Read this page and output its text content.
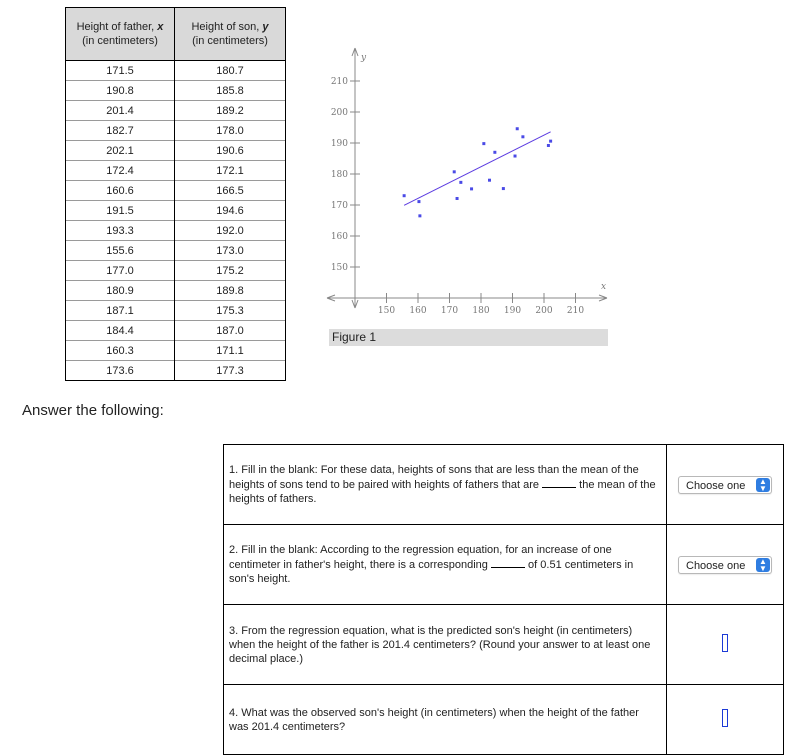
Height of father, x
(in centimeters)	Height of son, y
(in centimeters)
171.5	180.7
190.8	185.8
201.4	189.2
182.7	178.0
202.1	190.6
172.4	172.1
160.6	166.5
191.5	194.6
193.3	192.0
155.6	173.0
177.0	175.2
180.9	189.8
187.1	175.3
184.4	187.0
160.3	171.1
173.6	177.3
150 160 170 180 190 200 210
150
160
170
180
190
200
210
x
y
Figure 1
Answer the following:
1. Fill in the blank: For these data, heights of sons that are less than the mean of the heights of sons tend to be paired with heights of fathers that are the mean of the heights of fathers.	Choose one ▲
▼

2. Fill in the blank: According to the regression equation, for an increase of one centimeter in father's height, there is a corresponding of 0.51 centimeters in son's height.	Choose one ▲
▼

3. From the regression equation, what is the predicted son's height (in centimeters) when the height of the father is 201.4 centimeters? (Round your answer to at least one decimal place.)	
4. What was the observed son's height (in centimeters) when the height of the father was 201.4 centimeters?	
